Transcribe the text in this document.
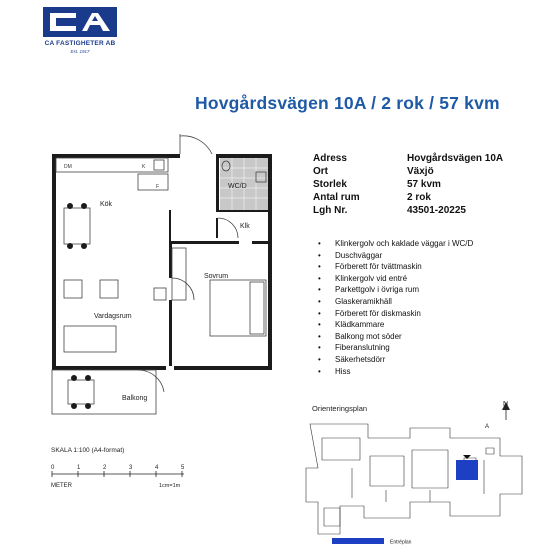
CA FASTIGHETER AB
Est. 1917
Hovgårdsvägen 10A / 2 rok / 57 kvm
Adress	Hovgårdsvägen 10A
Ort	Växjö
Storlek	57 kvm
Antal rum	2 rok
Lgh Nr.	43501-20225
• Klinkergolv och kaklade väggar i WC/D
• Duschväggar
• Förberett för tvättmaskin
• Klinkergolv vid entré
• Parkettgolv i övriga rum
• Glaskeramikhäll
• Förberett för diskmaskin
• Klädkammare
• Balkong mot söder
• Fiberanslutning
• Säkerhetsdörr
• Hiss
DM	K
F
Kök
WC/D
Klk
Sovrum
Vardagsrum
Balkong
SKALA 1:100 (A4-format)
0	1	2	3	4	5
METER	1cm=1m
Orienteringsplan	N
A
Entréplan
